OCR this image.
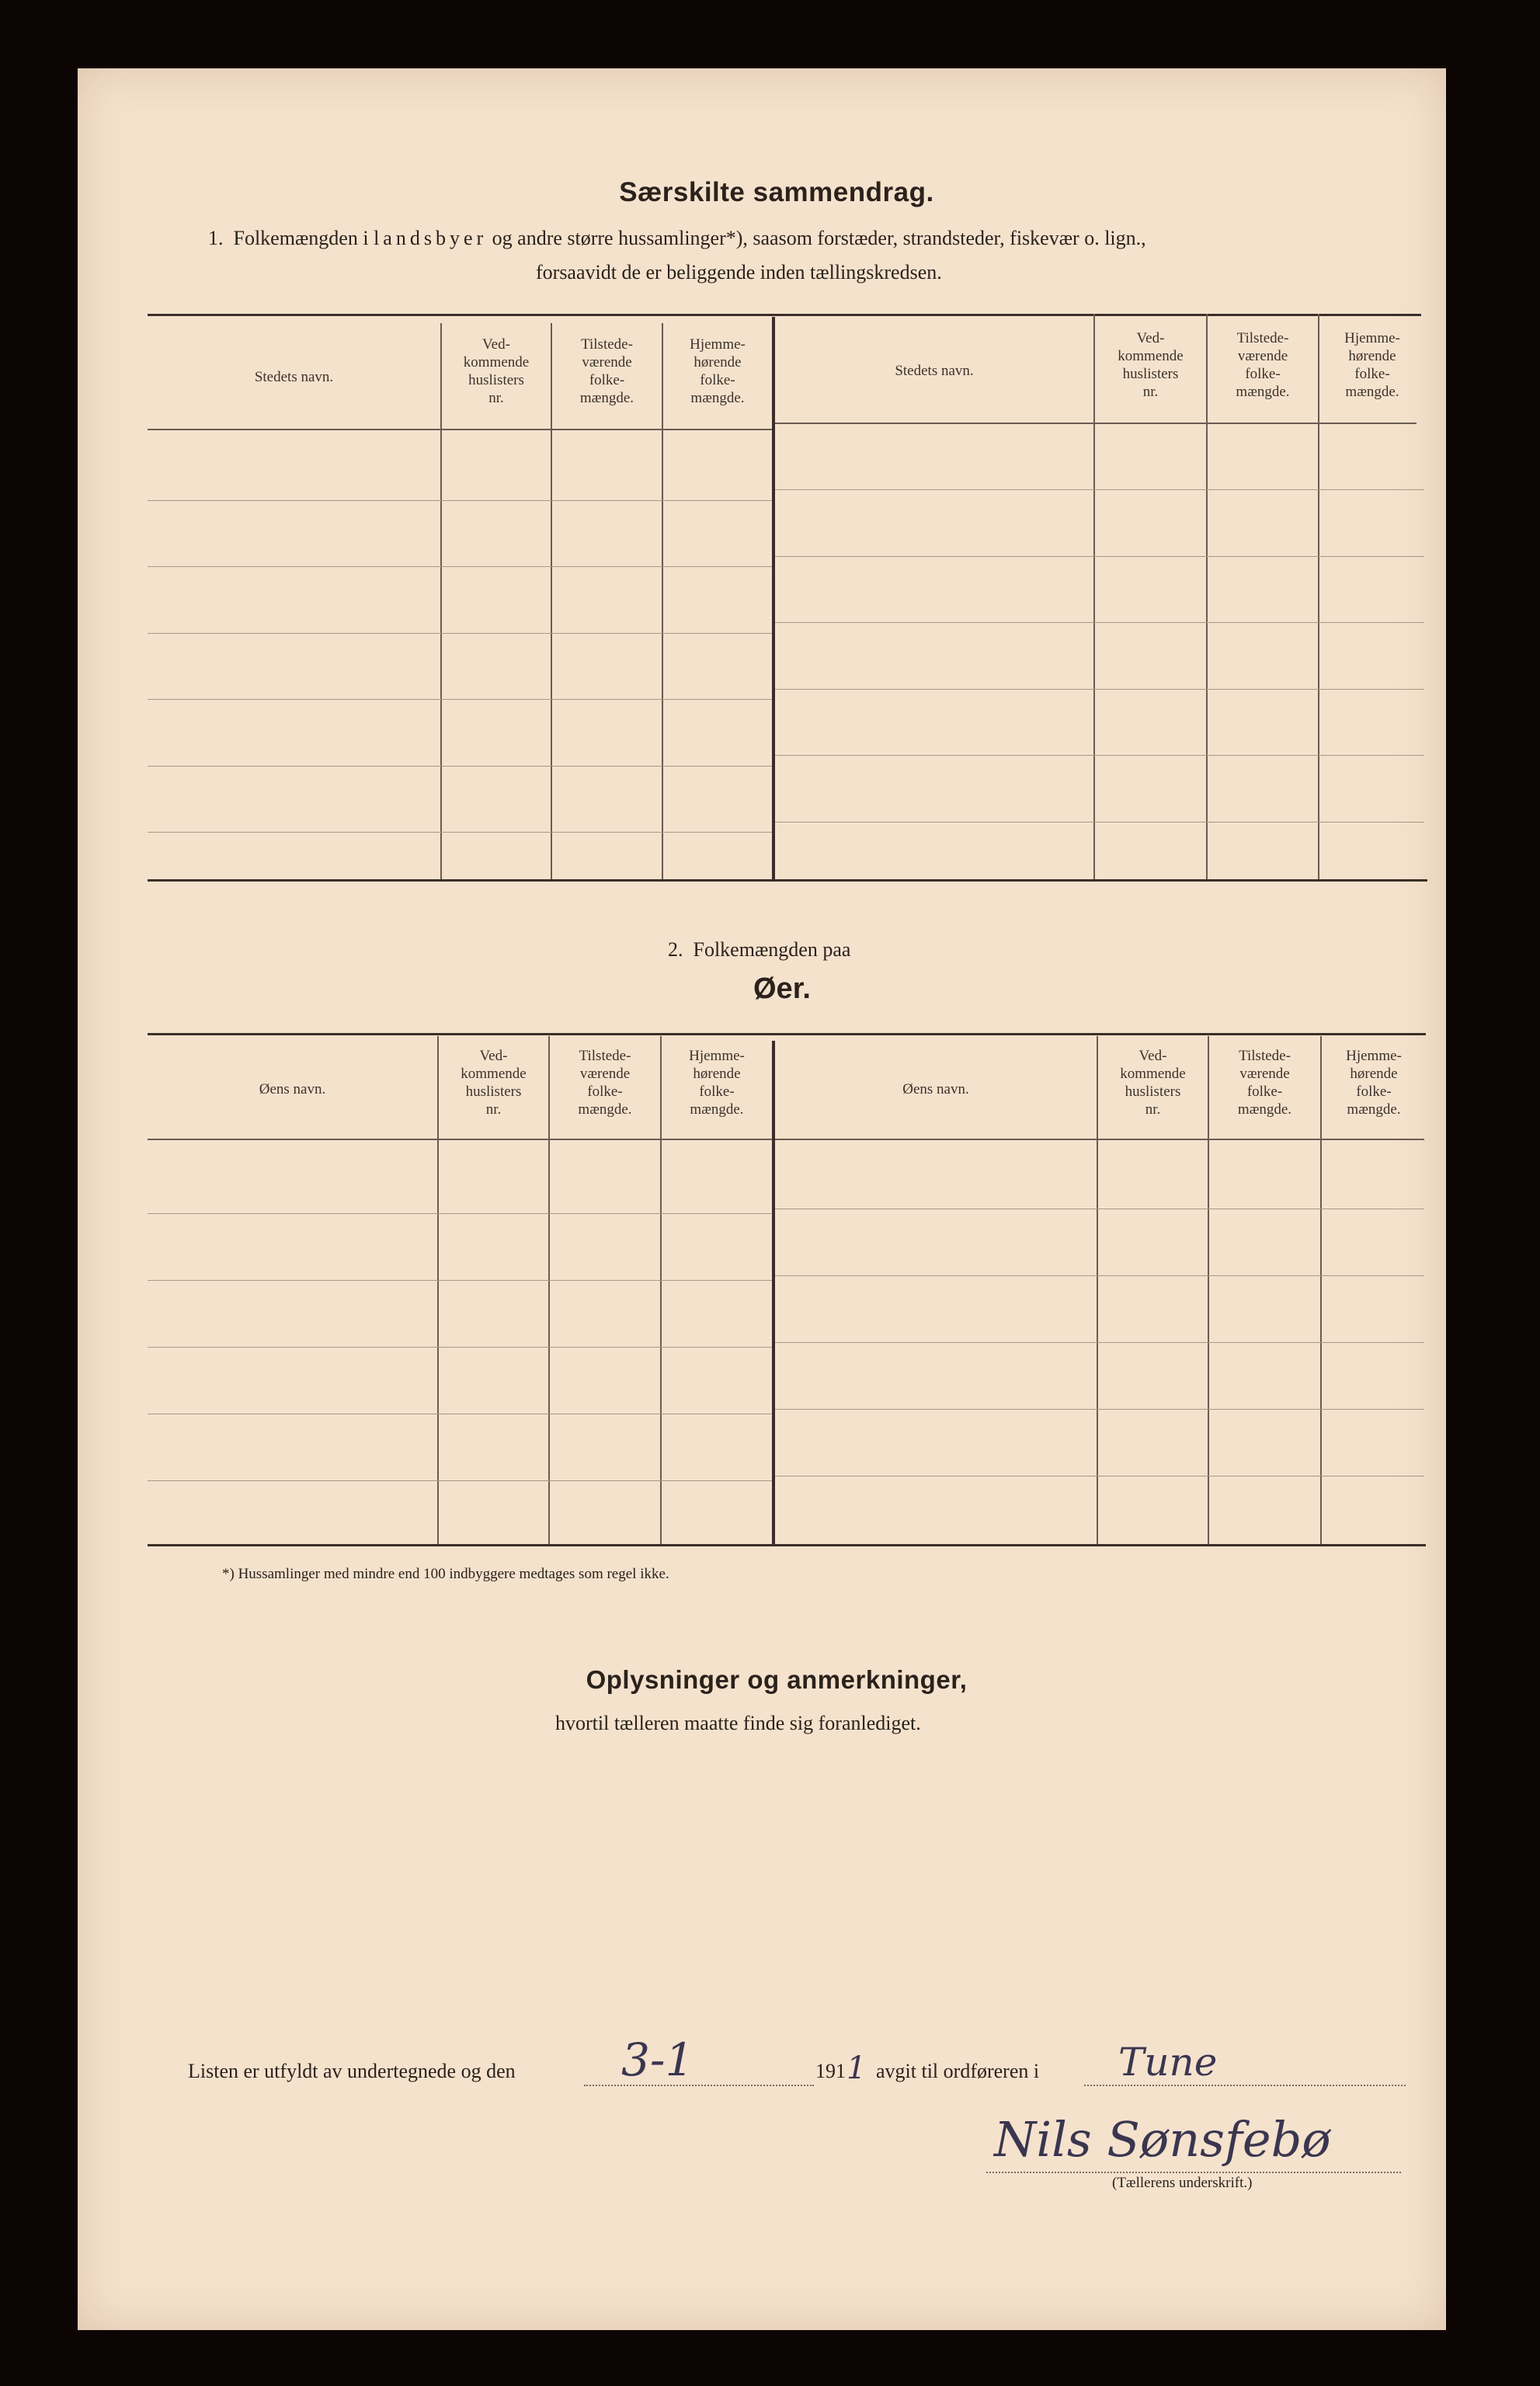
Særskilte sammendrag.
1. Folkemængden i landsbyer og andre større hussamlinger*), saasom forstæder, strandsteder, fiskevær o. lign.,
forsaavidt de er beliggende inden tællingskredsen.
Stedets navn.
Ved-
kommende
huslisters
nr.
Tilstede-
værende
folke-
mængde.
Hjemme-
hørende
folke-
mængde.
Stedets navn.
Ved-
kommende
huslisters
nr.
Tilstede-
værende
folke-
mængde.
Hjemme-
hørende
folke-
mængde.
2. Folkemængden paa
Øer.
Øens navn.
Ved-
kommende
huslisters
nr.
Tilstede-
værende
folke-
mængde.
Hjemme-
hørende
folke-
mængde.
Øens navn.
Ved-
kommende
huslisters
nr.
Tilstede-
værende
folke-
mængde.
Hjemme-
hørende
folke-
mængde.
*) Hussamlinger med mindre end 100 indbyggere medtages som regel ikke.
Oplysninger og anmerkninger,
hvortil tælleren maatte finde sig foranlediget.
Listen er utfyldt av undertegnede og den 3-1	191 1 avgit til ordføreren i Tune
Nils Sønsfebø
(Tællerens underskrift.)
